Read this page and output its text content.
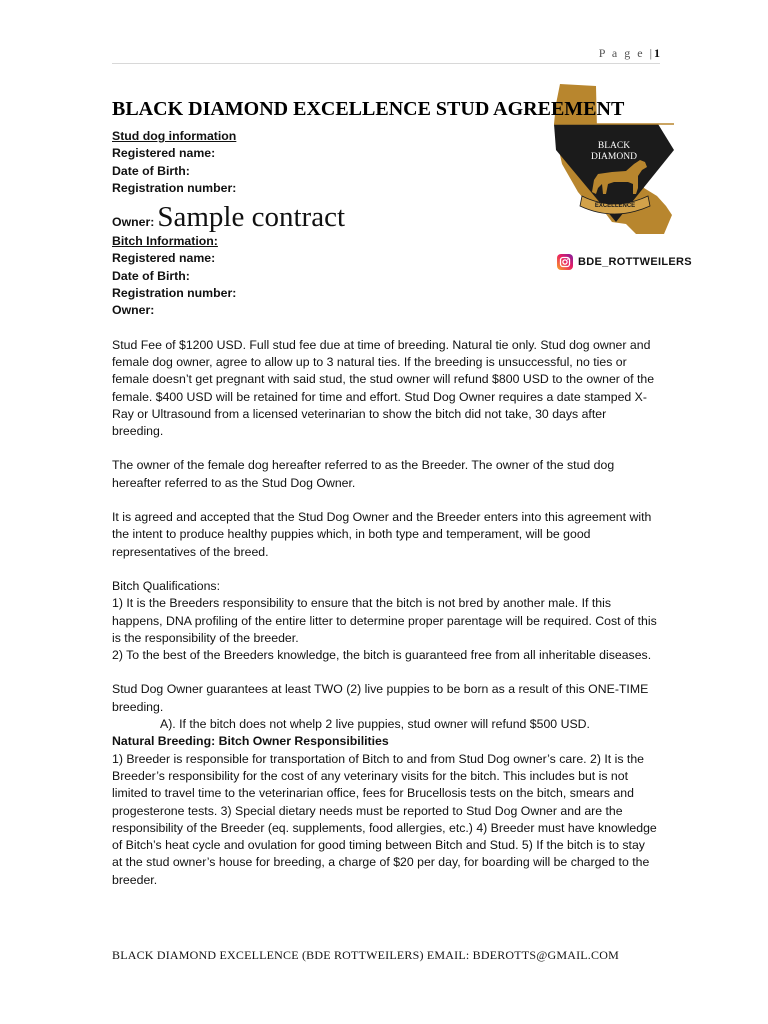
P a g e |1
BLACK DIAMOND EXCELLENCE STUD AGREEMENT
BLACK
DIAMOND
EXCELLENCE
BDE_ROTTWEILERS
Stud dog information
Registered name:
Date of Birth:
Registration number:
Owner: Sample contract
Bitch Information:
Registered name:
Date of Birth:
Registration number:
Owner:

Stud Fee of $1200 USD. Full stud fee due at time of breeding. Natural tie only. Stud dog owner and female dog owner, agree to allow up to 3 natural ties. If the breeding is unsuccessful, no ties or female doesn’t get pregnant with said stud, the stud owner will refund $800 USD to the owner of the female. $400 USD will be retained for time and effort. Stud Dog Owner requires a date stamped X-Ray or Ultrasound from a licensed veterinarian to show the bitch did not take, 30 days after breeding.

The owner of the female dog hereafter referred to as the Breeder. The owner of the stud dog hereafter referred to as the Stud Dog Owner.

It is agreed and accepted that the Stud Dog Owner and the Breeder enters into this agreement with the intent to produce healthy puppies which, in both type and temperament, will be good representatives of the breed.

Bitch Qualifications:
1) It is the Breeders responsibility to ensure that the bitch is not bred by another male. If this happens, DNA profiling of the entire litter to determine proper parentage will be required. Cost of this is the responsibility of the breeder.
2) To the best of the Breeders knowledge, the bitch is guaranteed free from all inheritable diseases.
Stud Dog Owner guarantees at least TWO (2) live puppies to be born as a result of this ONE-TIME breeding.
A). If the bitch does not whelp 2 live puppies, stud owner will refund $500 USD.
Natural Breeding: Bitch Owner Responsibilities
1) Breeder is responsible for transportation of Bitch to and from Stud Dog owner’s care. 2) It is the Breeder’s responsibility for the cost of any veterinary visits for the bitch. This includes but is not limited to travel time to the veterinarian office, fees for Brucellosis tests on the bitch, smears and progesterone tests. 3) Special dietary needs must be reported to Stud Dog Owner and are the responsibility of the Breeder (eq. supplements, food allergies, etc.) 4) Breeder must have knowledge of Bitch’s heat cycle and ovulation for good timing between Bitch and Stud. 5) If the bitch is to stay at the stud owner’s house for breeding, a charge of $20 per day, for boarding will be charged to the breeder.
BLACK DIAMOND EXCELLENCE (BDE ROTTWEILERS) EMAIL: BDEROTTS@GMAIL.COM
